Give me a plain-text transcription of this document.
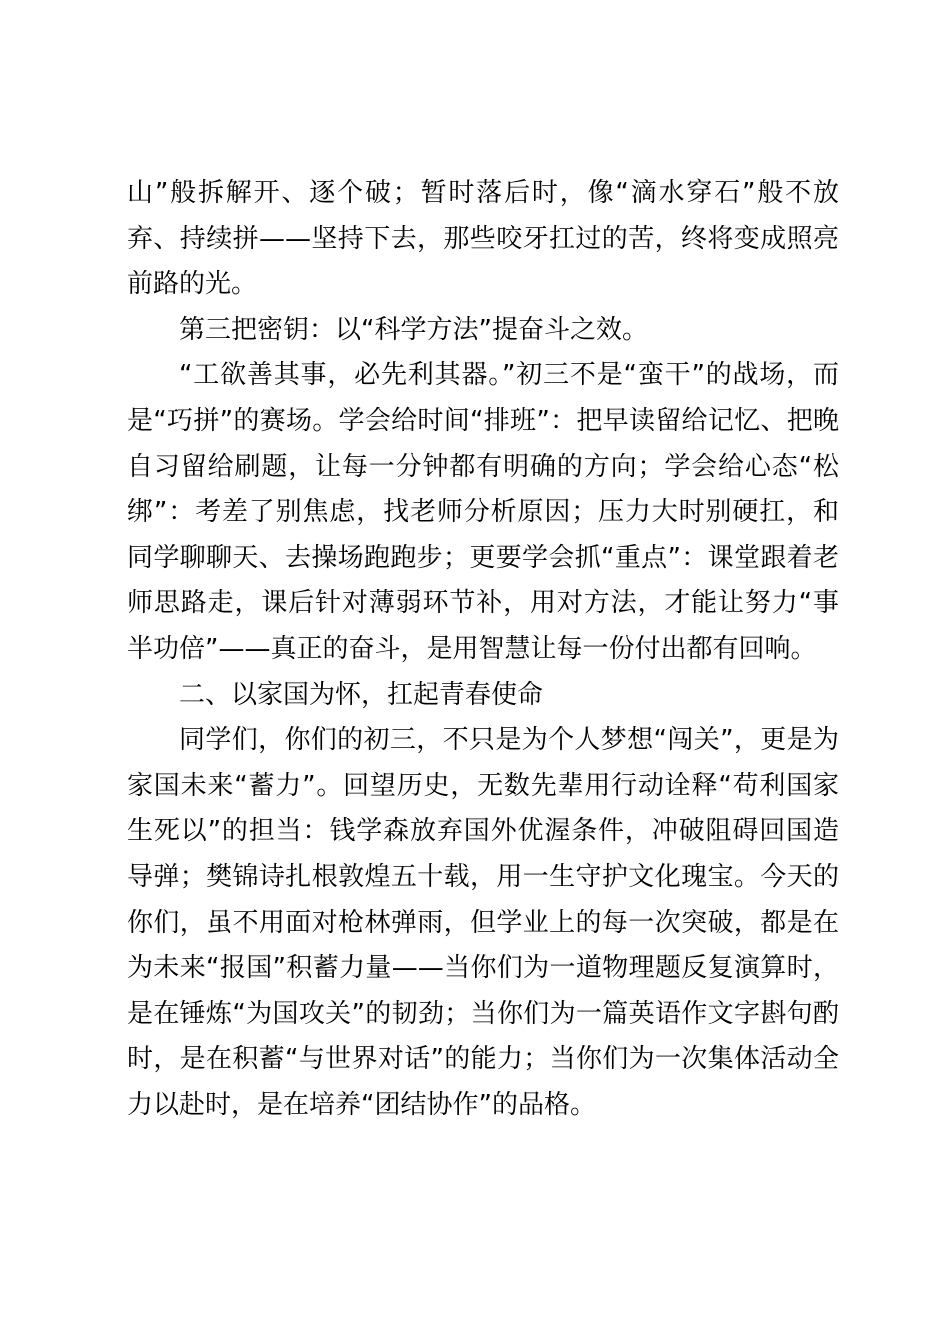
山”般拆解开、逐个破；暂时落后时，像“滴水穿石”般不放弃、持续拼——坚持下去，那些咬牙扛过的苦，终将变成照亮前路的光。

第三把密钥：以“科学方法”提奋斗之效。

“工欲善其事，必先利其器。”初三不是“蛮干”的战场，而是“巧拼”的赛场。学会给时间“排班”：把早读留给记忆、把晚自习留给刷题，让每一分钟都有明确的方向；学会给心态“松绑”：考差了别焦虑，找老师分析原因；压力大时别硬扛，和同学聊聊天、去操场跑跑步；更要学会抓“重点”：课堂跟着老师思路走，课后针对薄弱环节补，用对方法，才能让努力“事半功倍”——真正的奋斗，是用智慧让每一份付出都有回响。

二、以家国为怀，扛起青春使命

同学们，你们的初三，不只是为个人梦想“闯关”，更是为家国未来“蓄力”。回望历史，无数先辈用行动诠释“苟利国家生死以”的担当：钱学森放弃国外优渥条件，冲破阻碍回国造导弹；樊锦诗扎根敦煌五十载，用一生守护文化瑰宝。今天的你们，虽不用面对枪林弹雨，但学业上的每一次突破，都是在为未来“报国”积蓄力量——当你们为一道物理题反复演算时，是在锤炼“为国攻关”的韧劲；当你们为一篇英语作文字斟句酌时，是在积蓄“与世界对话”的能力；当你们为一次集体活动全力以赴时，是在培养“团结协作”的品格。
